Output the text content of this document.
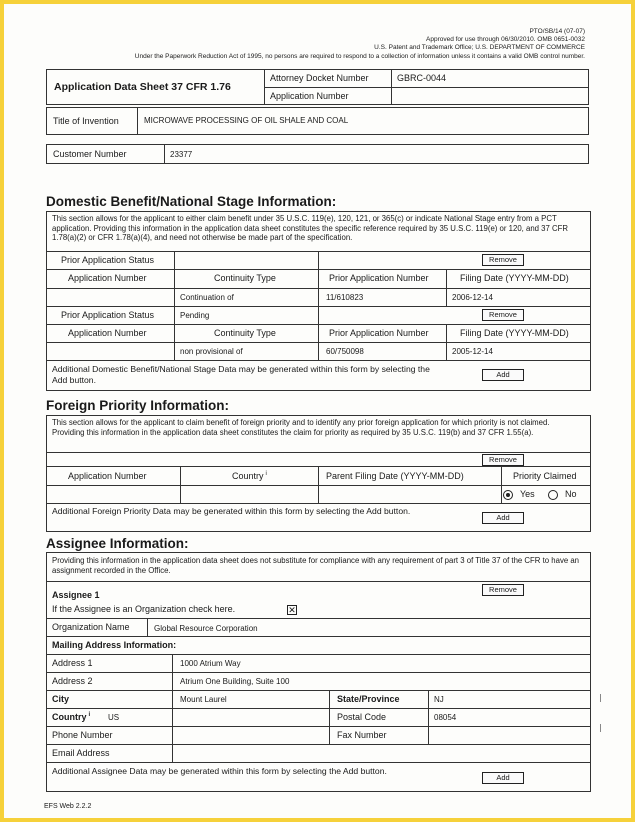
PTO/SB/14 (07-07)
Approved for use through 06/30/2010. OMB 0651-0032
U.S. Patent and Trademark Office; U.S. DEPARTMENT OF COMMERCE
Under the Paperwork Reduction Act of 1995, no persons are required to respond to a collection of information unless it contains a valid OMB control number.
Application Data Sheet 37 CFR 1.76
Attorney Docket Number	GBRC-0044
Application Number
Title of Invention	MICROWAVE PROCESSING OF OIL SHALE AND COAL
Customer Number	23377
Domestic Benefit/National Stage Information:
This section allows for the applicant to either claim benefit under 35 U.S.C. 119(e), 120, 121, or 365(c) or indicate National Stage entry from a PCT application. Providing this information in the application data sheet constitutes the specific reference required by 35 U.S.C. 119(e) or 120, and 37 CFR 1.78(a)(2) or CFR 1.78(a)(4), and need not otherwise be made part of the specification.
Prior Application Status	Remove
Application Number	Continuity Type	Prior Application Number	Filing Date (YYYY-MM-DD)
Continuation of	11/610823	2006-12-14
Prior Application Status	Pending	Remove
Application Number	Continuity Type	Prior Application Number	Filing Date (YYYY-MM-DD)
non provisional of	60/750098	2005-12-14
Additional Domestic Benefit/National Stage Data may be generated within this form by selecting the Add button.
Add
Foreign Priority Information:
This section allows for the applicant to claim benefit of foreign priority and to identify any prior foreign application for which priority is not claimed. Providing this information in the application data sheet constitutes the claim for priority as required by 35 U.S.C. 119(b) and 37 CFR 1.55(a).
Remove
Application Number	Country $^i$	Parent Filing Date (YYYY-MM-DD)	Priority Claimed
Yes	No
Additional Foreign Priority Data may be generated within this form by selecting the Add button.
Add
Assignee Information:
Providing this information in the application data sheet does not substitute for compliance with any requirement of part 3 of Title 37 of the CFR to have an assignment recorded in the Office.
Assignee 1
Remove
If the Assignee is an Organization check here.	✕
Organization Name	Global Resource Corporation
Mailing Address Information:
Address 1	1000 Atrium Way
Address 2	Atrium One Building, Suite 100
City	Mount Laurel	State/Province	NJ
Country $^i$ US	Postal Code	08054
Phone Number	Fax Number
Email Address
Additional Assignee Data may be generated within this form by selecting the Add button.
Add
EFS Web 2.2.2
